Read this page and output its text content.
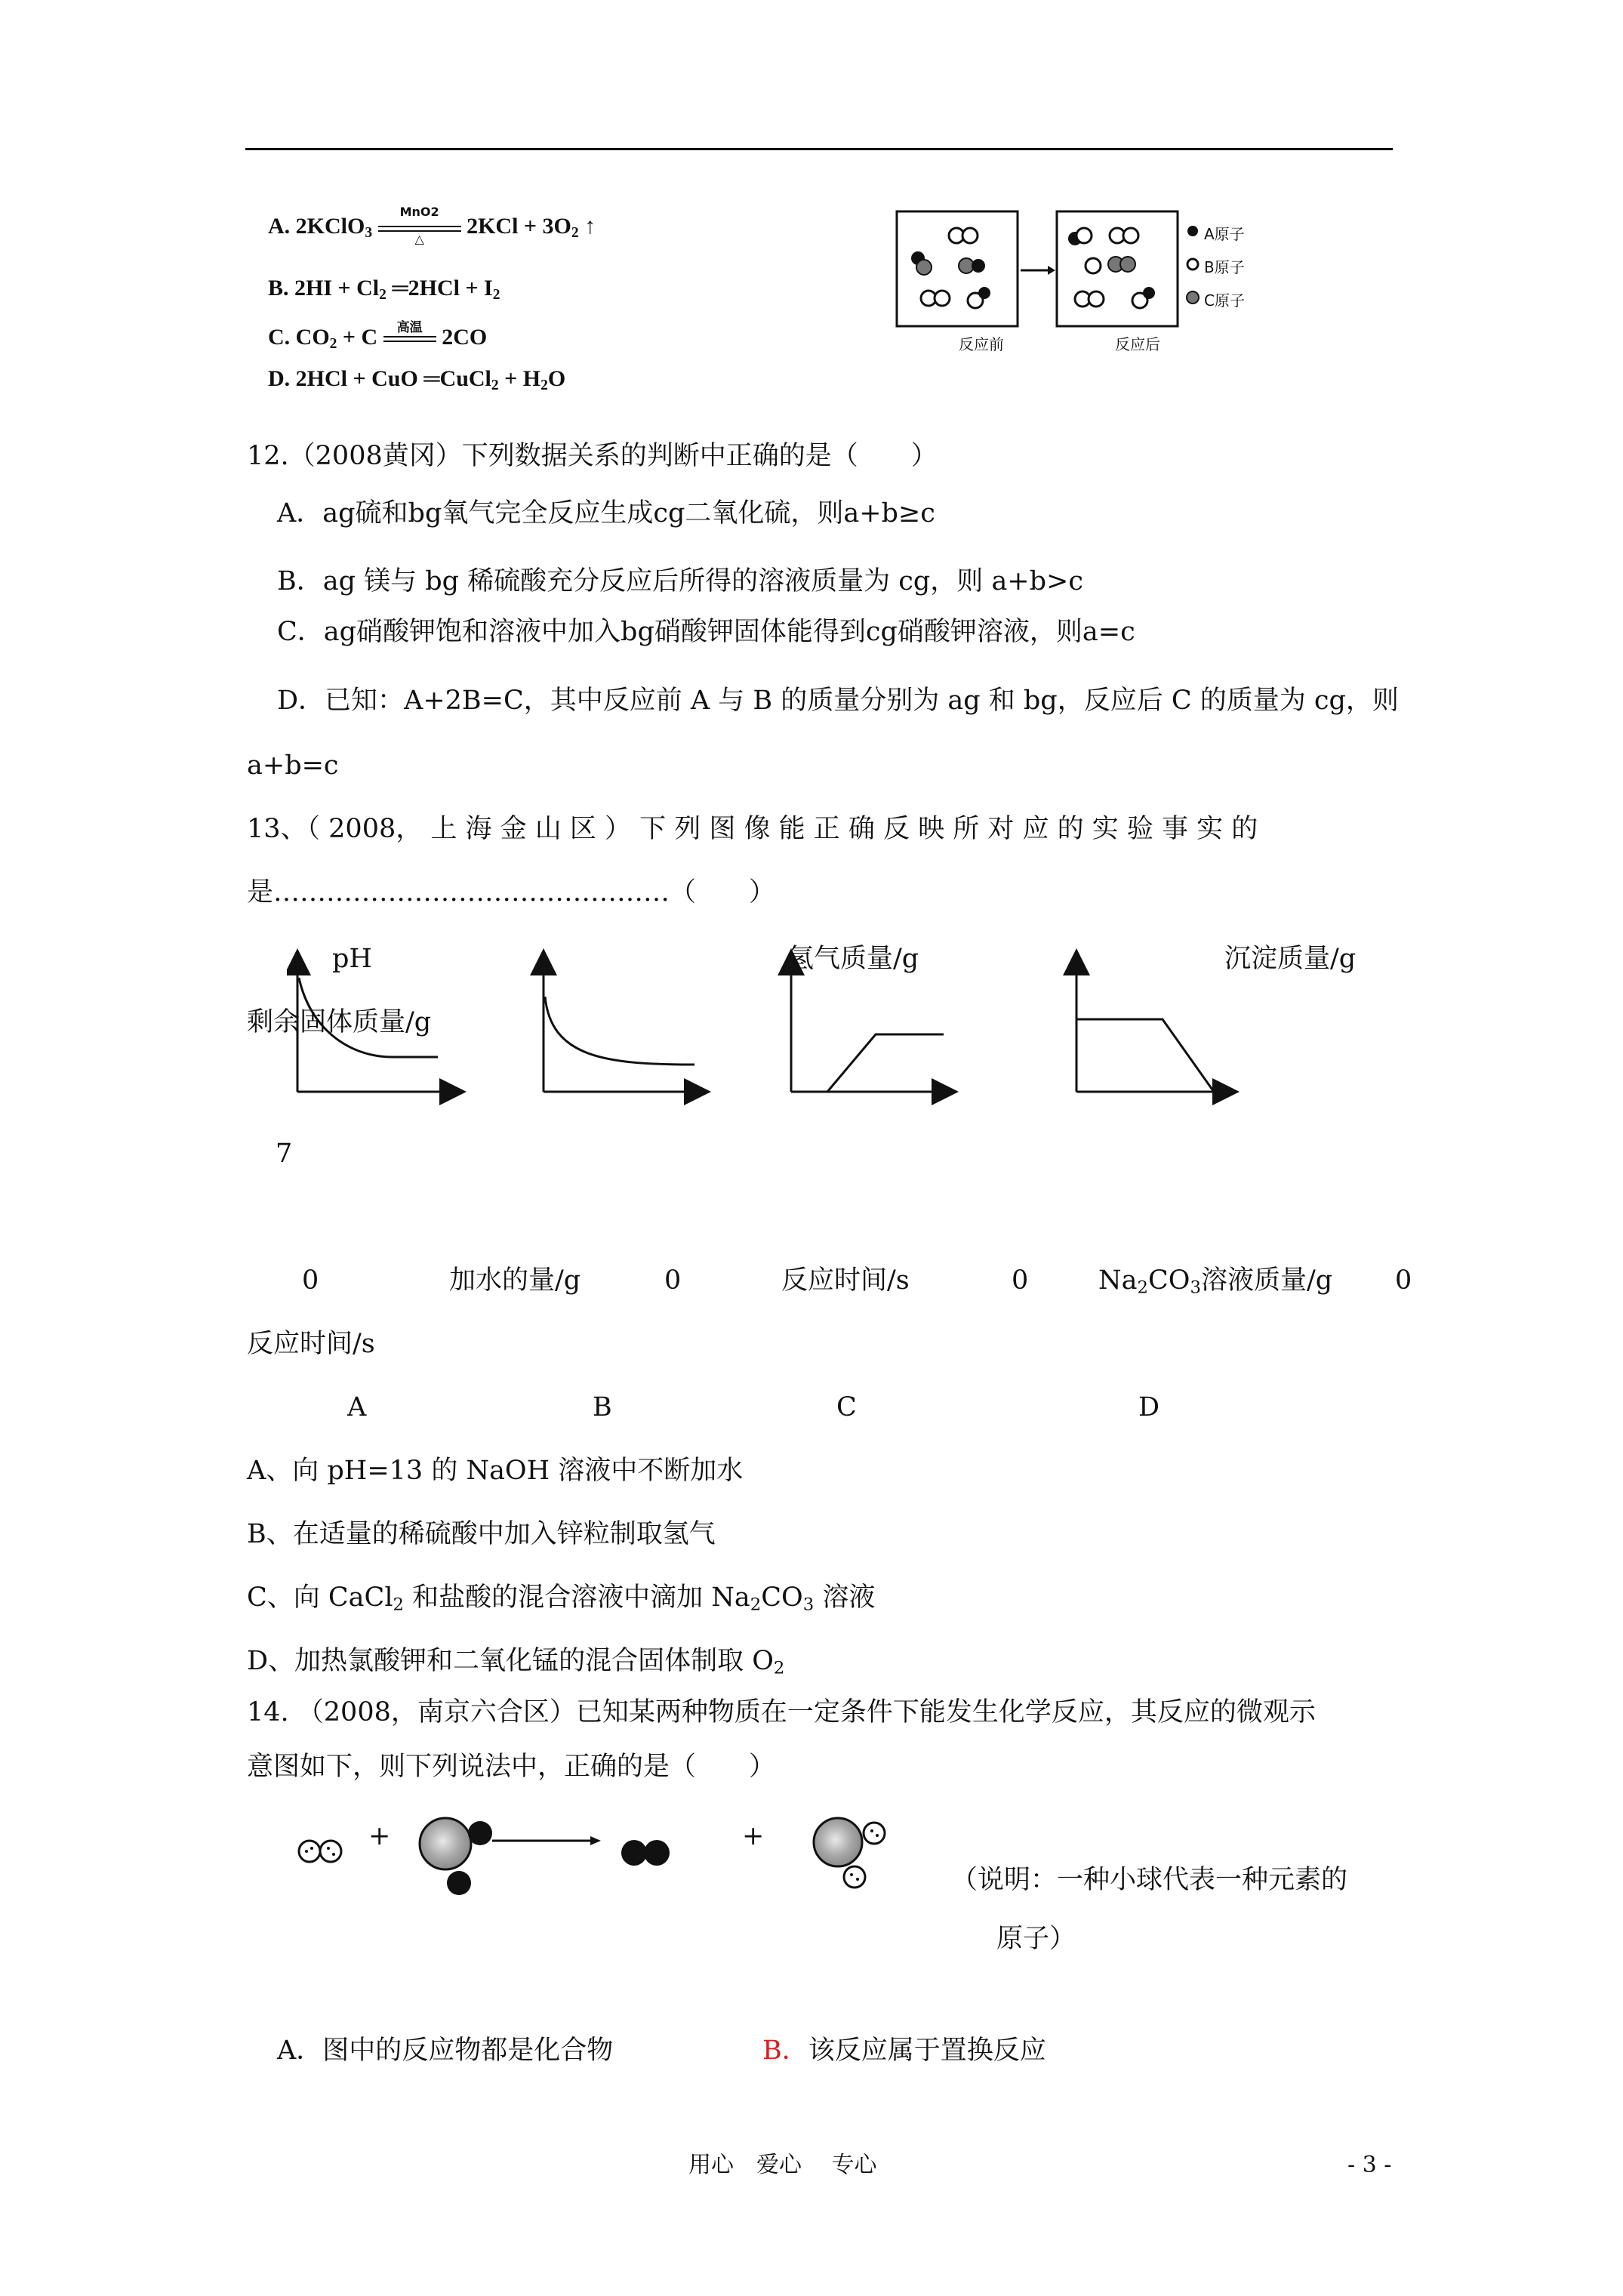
A. 2KClO$_3$
MnO2
△
$2KCl + 3O_2$ ↑
B. $2HI + Cl_2$ ═2HCl + $I_2$
C. $CO_2 + C$	高温 2CO
D. 2HCl + CuO ═CuCl$_2$ + $H_2O$
反应前	反应后
A原子
B原子
C原子
12.（2008黄冈）下列数据关系的判断中正确的是（　　）
A．ag硫和bg氧气完全反应生成cg二氧化硫，则a+b≥c
B．ag 镁与 bg 稀硫酸充分反应后所得的溶液质量为 cg，则 a+b>c
C．ag硝酸钾饱和溶液中加入bg硝酸钾固体能得到cg硝酸钾溶液，则a=c
D．已知：A+2B=C，其中反应前 A 与 B 的质量分别为 ag 和 bg，反应后 C 的质量为 cg，则
a+b=c
13、（ 2008， 上 海 金 山 区 ） 下 列 图 像 能 正 确 反 映 所 对 应 的 实 验 事 实 的
是………………………………………（　　）
pH	氢气质量/g	沉淀质量/g
剩余固体质量/g
7
0	加水的量/g	0	反应时间/s	0	$Na_2CO_3$溶液质量/g 0
反应时间/s
A	B	C	D
A、向 pH=13 的 NaOH 溶液中不断加水
B、在适量的稀硫酸中加入锌粒制取氢气
C、向 CaCl$_2$ 和盐酸的混合溶液中滴加 $Na_2CO_3$ 溶液
D、加热氯酸钾和二氧化锰的混合固体制取 $O_2$
14. （2008，南京六合区）已知某两种物质在一定条件下能发生化学反应，其反应的微观示
意图如下，则下列说法中，正确的是（　　）
+	+
（说明：一种小球代表一种元素的
原子）
A．图中的反应物都是化合物	B．该反应属于置换反应
用心　爱心　 专心	- 3 -
